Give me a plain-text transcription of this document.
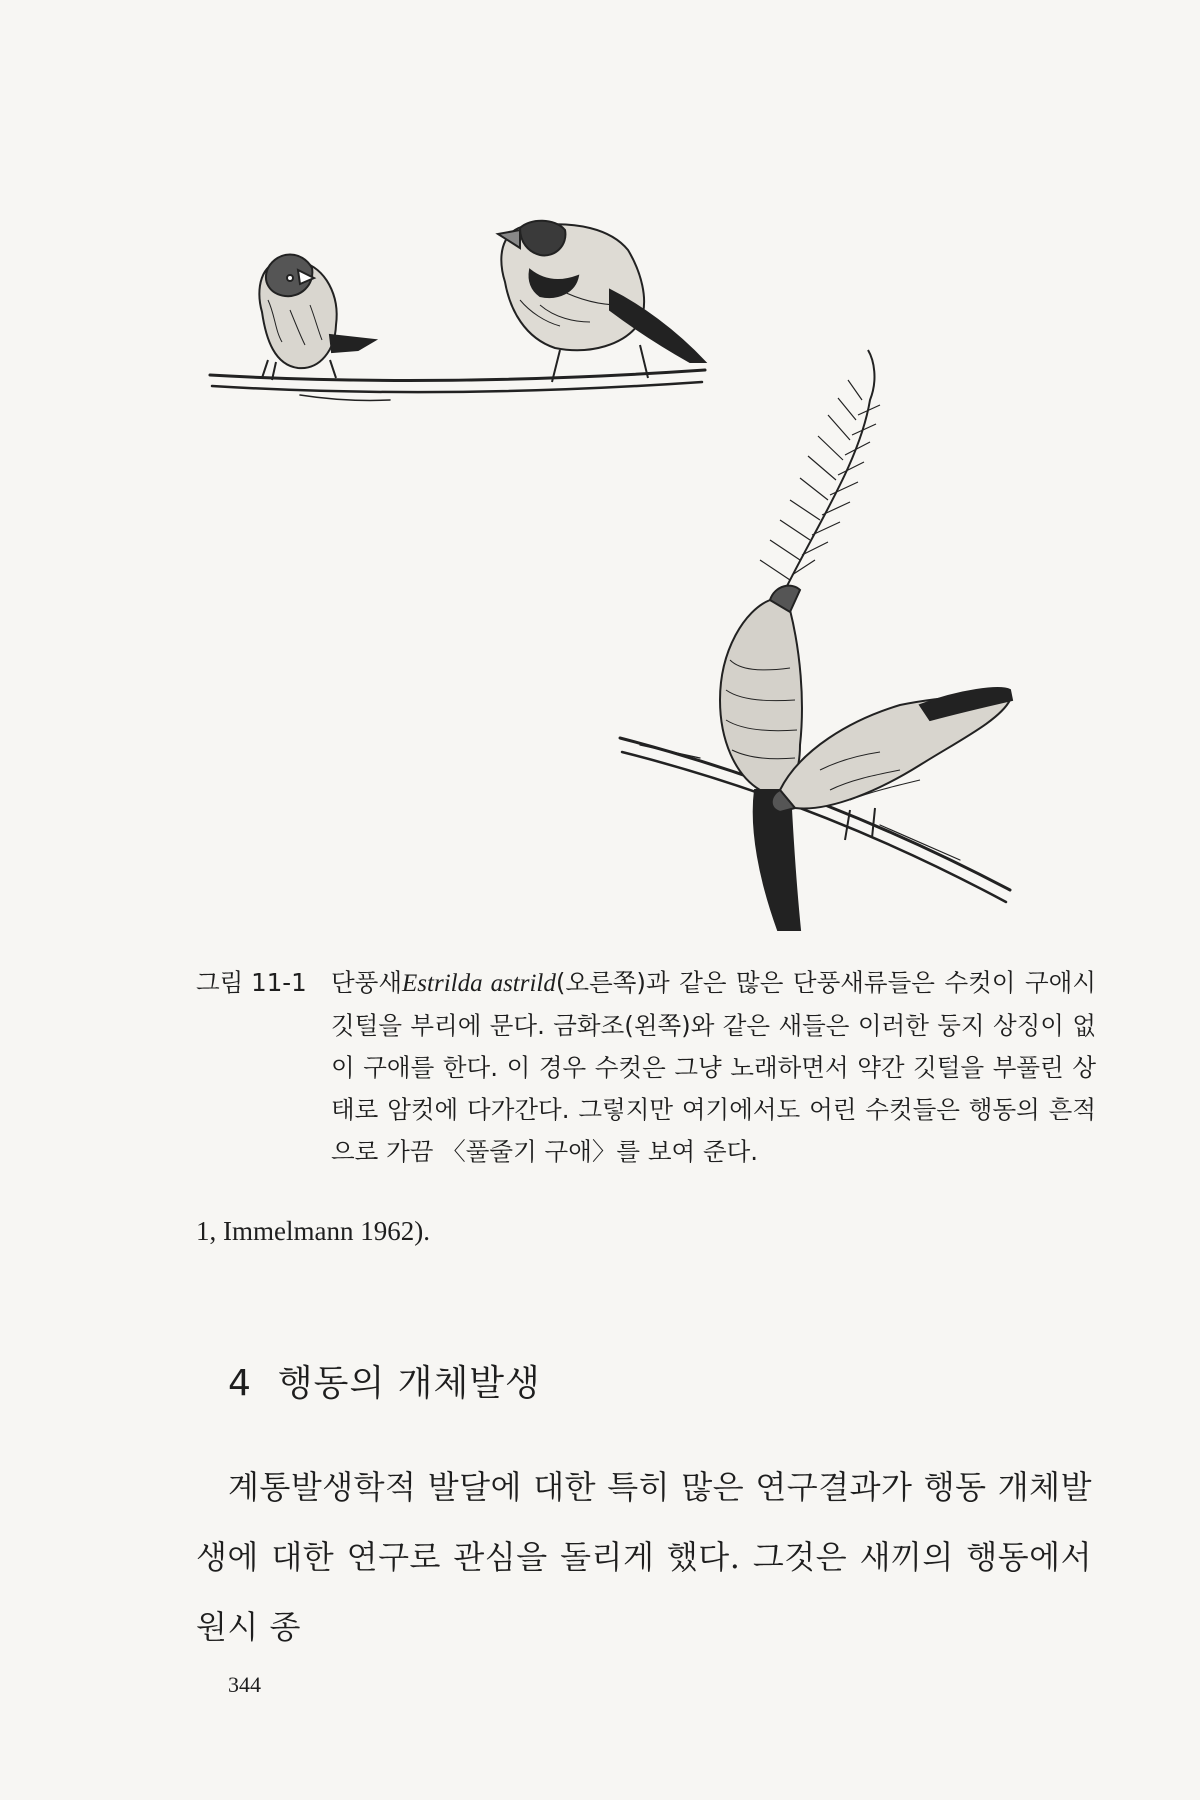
그림 11-1 단풍새Estrilda astrild(오른쪽)과 같은 많은 단풍새류들은 수컷이 구애시 깃털을 부리에 문다. 금화조(왼쪽)와 같은 새들은 이러한 둥지 상징이 없이 구애를 한다. 이 경우 수컷은 그냥 노래하면서 약간 깃털을 부풀린 상태로 암컷에 다가간다. 그렇지만 여기에서도 어린 수컷들은 행동의 흔적으로 가끔 〈풀줄기 구애〉를 보여 준다.
1, Immelmann 1962).
4 행동의 개체발생

계통발생학적 발달에 대한 특히 많은 연구결과가 행동 개체발생에 대한 연구로 관심을 돌리게 했다. 그것은 새끼의 행동에서 원시 종

344
